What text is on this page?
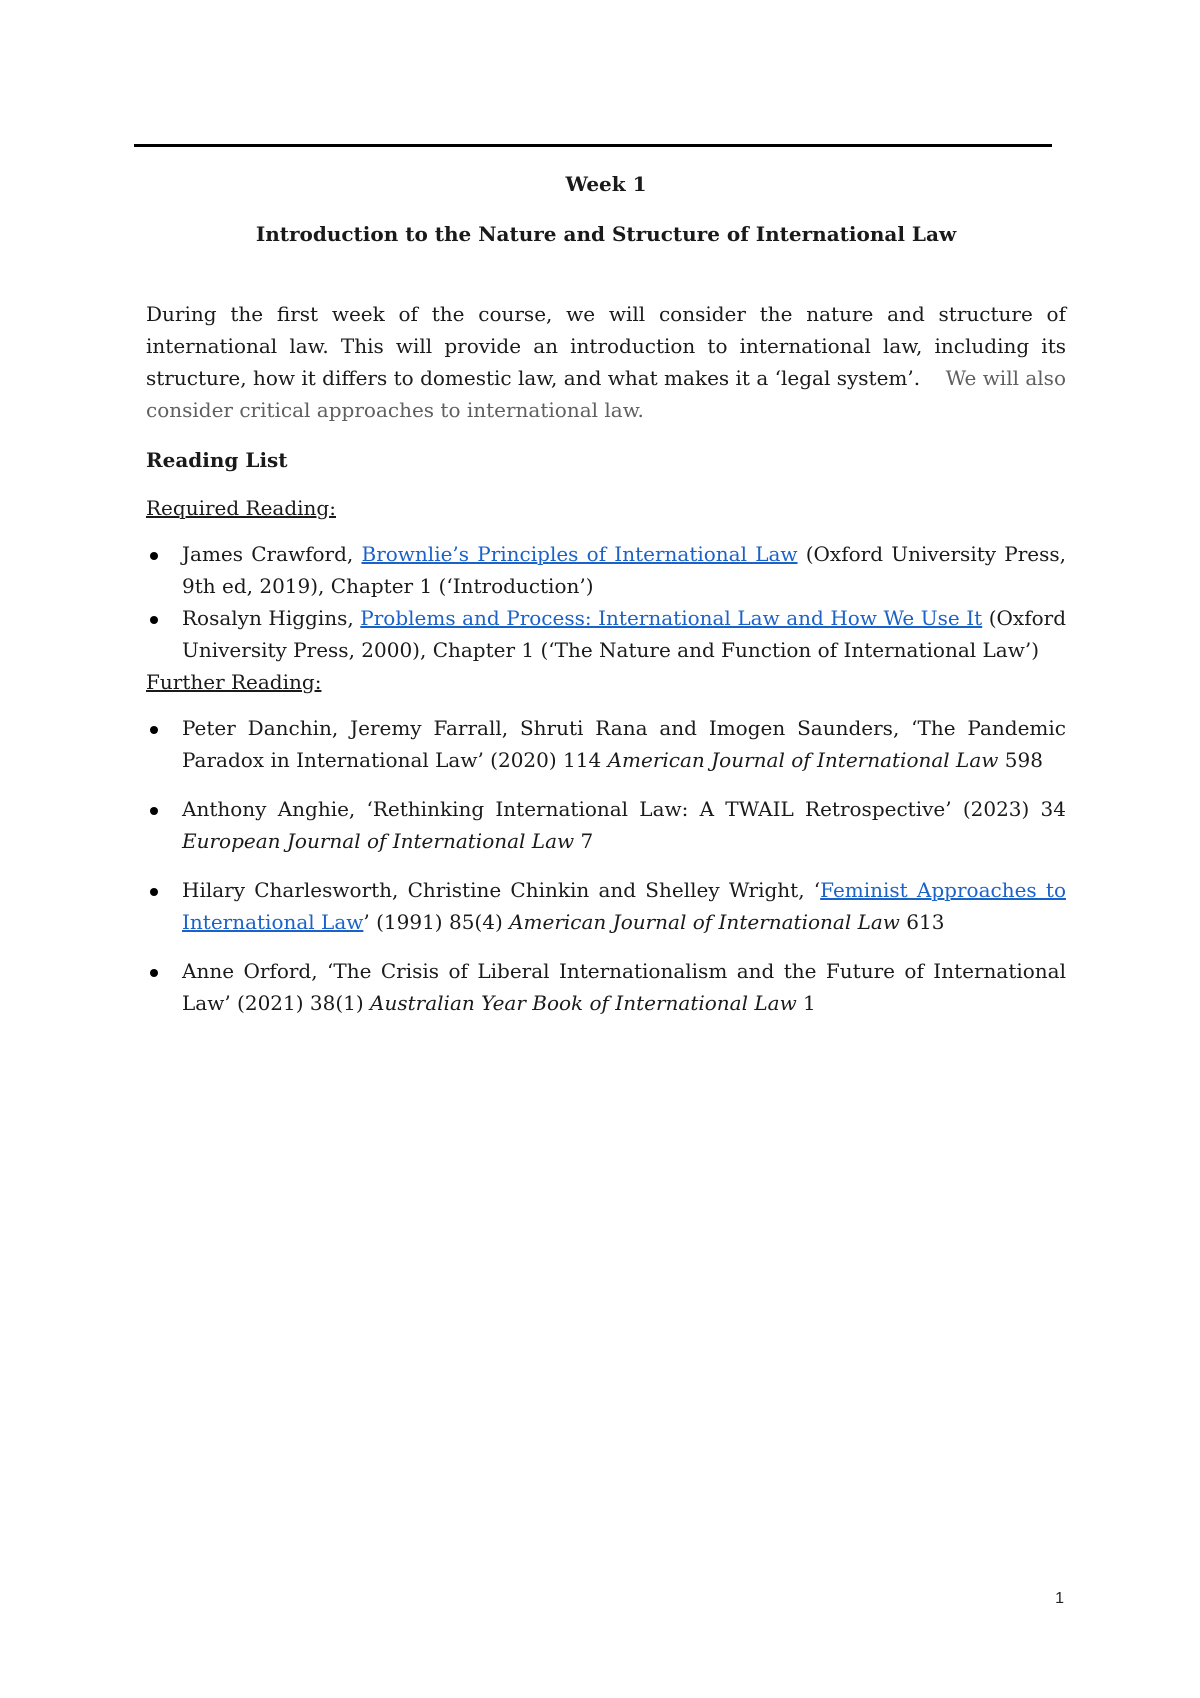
Week 1

Introduction to the Nature and Structure of International Law

During the first week of the course, we will consider the nature and structure of international law. This will provide an introduction to international law, including its structure, how it differs to domestic law, and what makes it a ‘legal system’. We will also consider critical approaches to international law.

Reading List

Required Reading:

James Crawford, Brownlie’s Principles of International Law (Oxford University Press, 9th ed, 2019), Chapter 1 (‘Introduction’)
Rosalyn Higgins, Problems and Process: International Law and How We Use It (Oxford University Press, 2000), Chapter 1 (‘The Nature and Function of International Law’)

Further Reading:

Peter Danchin, Jeremy Farrall, Shruti Rana and Imogen Saunders, ‘The Pandemic Paradox in International Law’ (2020) 114 American Journal of International Law 598
Anthony Anghie, ‘Rethinking International Law: A TWAIL Retrospective’ (2023) 34 European Journal of International Law 7
Hilary Charlesworth, Christine Chinkin and Shelley Wright, ‘Feminist Approaches to International Law’ (1991) 85(4) American Journal of International Law 613
Anne Orford, ‘The Crisis of Liberal Internationalism and the Future of International Law’ (2021) 38(1) Australian Year Book of International Law 1
1
